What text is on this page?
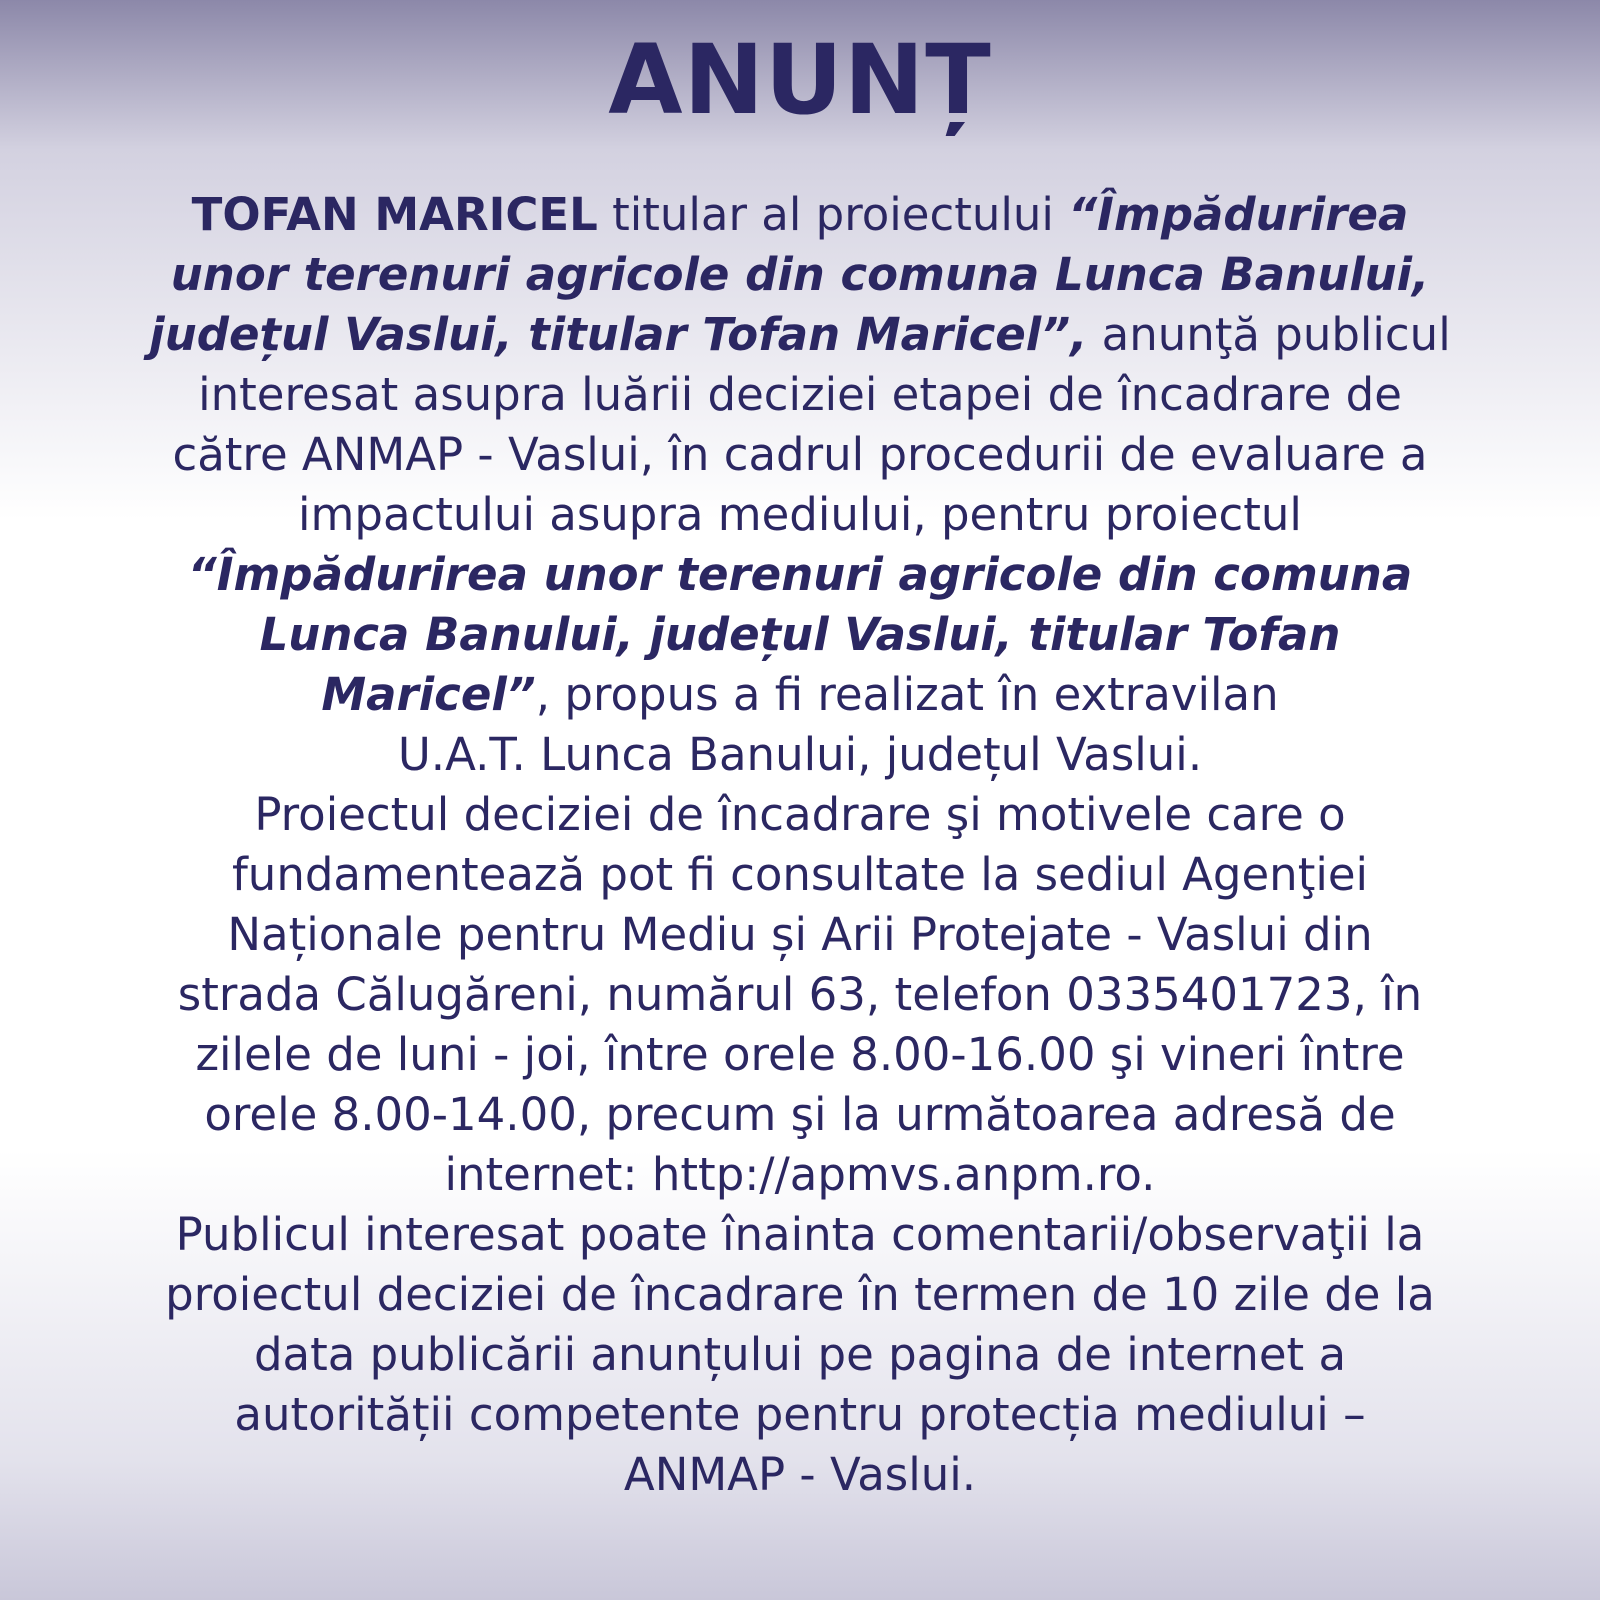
ANUNȚ
TOFAN MARICEL titular al proiectului “Împădurirea
unor terenuri agricole din comuna Lunca Banului,
județul Vaslui, titular Tofan Maricel”, anunţă publicul
interesat asupra luării deciziei etapei de încadrare de
către ANMAP - Vaslui, în cadrul procedurii de evaluare a
impactului asupra mediului, pentru proiectul
“Împădurirea unor terenuri agricole din comuna
Lunca Banului, județul Vaslui, titular Tofan
Maricel”, propus a fi realizat în extravilan
U.A.T. Lunca Banului, județul Vaslui.
Proiectul deciziei de încadrare şi motivele care o
fundamentează pot fi consultate la sediul Agenţiei
Naționale pentru Mediu și Arii Protejate - Vaslui din
strada Călugăreni, numărul 63, telefon 0335401723, în
zilele de luni - joi, între orele 8.00-16.00 şi vineri între
orele 8.00-14.00, precum şi la următoarea adresă de
internet: http://apmvs.anpm.ro.
Publicul interesat poate înainta comentarii/observaţii la
proiectul deciziei de încadrare în termen de 10 zile de la
data publicării anunțului pe pagina de internet a
autorității competente pentru protecția mediului –
ANMAP - Vaslui.
